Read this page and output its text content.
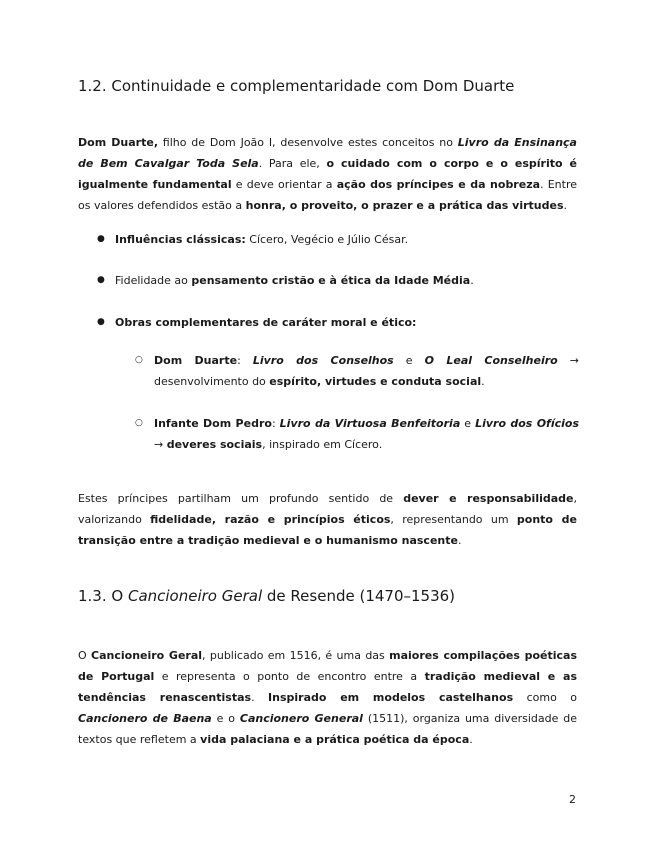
1.2. Continuidade e complementaridade com Dom Duarte

Dom Duarte, filho de Dom João I, desenvolve estes conceitos no Livro da Ensinança de Bem Cavalgar Toda Sela. Para ele, o cuidado com o corpo e o espírito é igualmente fundamental e deve orientar a ação dos príncipes e da nobreza. Entre os valores defendidos estão a honra, o proveito, o prazer e a prática das virtudes.

● Influências clássicas: Cícero, Vegécio e Júlio César.
● Fidelidade ao pensamento cristão e à ética da Idade Média.
● Obras complementares de caráter moral e ético:
○ Dom Duarte: Livro dos Conselhos e O Leal Conselheiro → desenvolvimento do espírito, virtudes e conduta social.
○ Infante Dom Pedro: Livro da Virtuosa Benfeitoria e Livro dos Ofícios → deveres sociais, inspirado em Cícero.

Estes príncipes partilham um profundo sentido de dever e responsabilidade, valorizando fidelidade, razão e princípios éticos, representando um ponto de transição entre a tradição medieval e o humanismo nascente.

1.3. O Cancioneiro Geral de Resende (1470–1536)

O Cancioneiro Geral, publicado em 1516, é uma das maiores compilações poéticas de Portugal e representa o ponto de encontro entre a tradição medieval e as tendências renascentistas. Inspirado em modelos castelhanos como o Cancionero de Baena e o Cancionero General (1511), organiza uma diversidade de textos que refletem a vida palaciana e a prática poética da época.

2
